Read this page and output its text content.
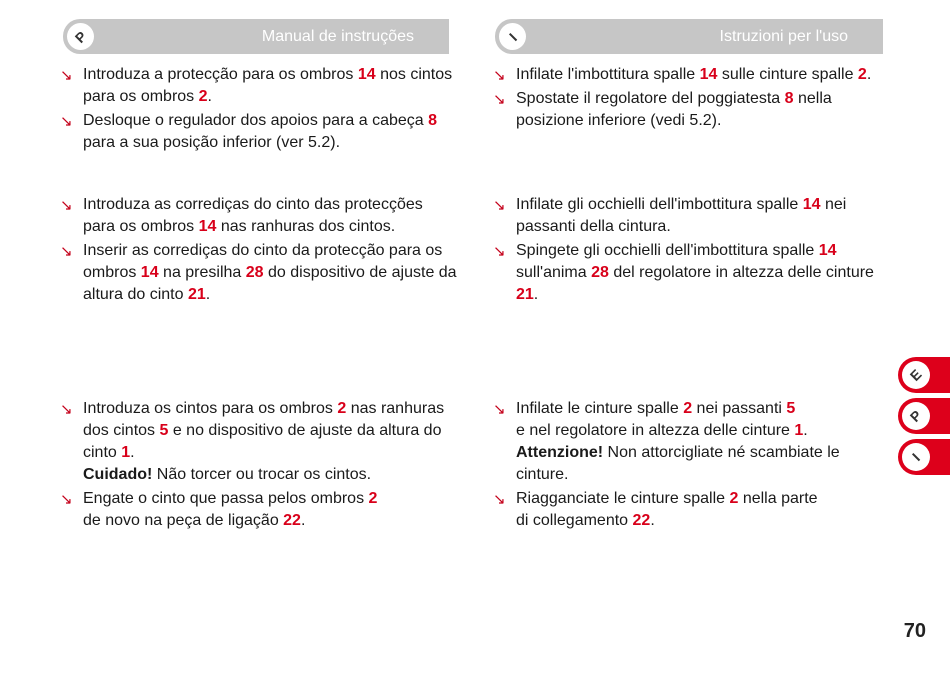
P	Manual de instruções
↘ Introduza a protecção para os ombros 14 nos cintos para os ombros 2.
↘ Desloque o regulador dos apoios para a cabeça 8 para a sua posição inferior (ver 5.2).
↘ Introduza as corrediças do cinto das protecções para os ombros 14 nas ranhuras dos cintos.
↘ Inserir as corrediças do cinto da protecção para os ombros 14 na presilha 28 do dispositivo de ajuste da altura do cinto 21.
↘ Introduza os cintos para os ombros 2 nas ranhuras dos cintos 5 e no dispositivo de ajuste da altura do cinto 1.
Cuidado! Não torcer ou trocar os cintos.
↘ Engate o cinto que passa pelos ombros 2
de novo na peça de ligação 22.
I	Istruzioni per l'uso
↘ Infilate l'imbottitura spalle 14 sulle cinture spalle 2.
↘ Spostate il regolatore del poggiatesta 8 nella posizione inferiore (vedi 5.2).
↘ Infilate gli occhielli dell'imbottitura spalle 14 nei passanti della cintura.
↘ Spingete gli occhielli dell'imbottitura spalle 14 sull'anima 28 del regolatore in altezza delle cinture 21.
↘ Infilate le cinture spalle 2 nei passanti 5
e nel regolatore in altezza delle cinture 1.
Attenzione! Non attorcigliate né scambiate le cinture.
↘ Riagganciate le cinture spalle 2 nella parte
di collegamento 22.
E
P
I
70
